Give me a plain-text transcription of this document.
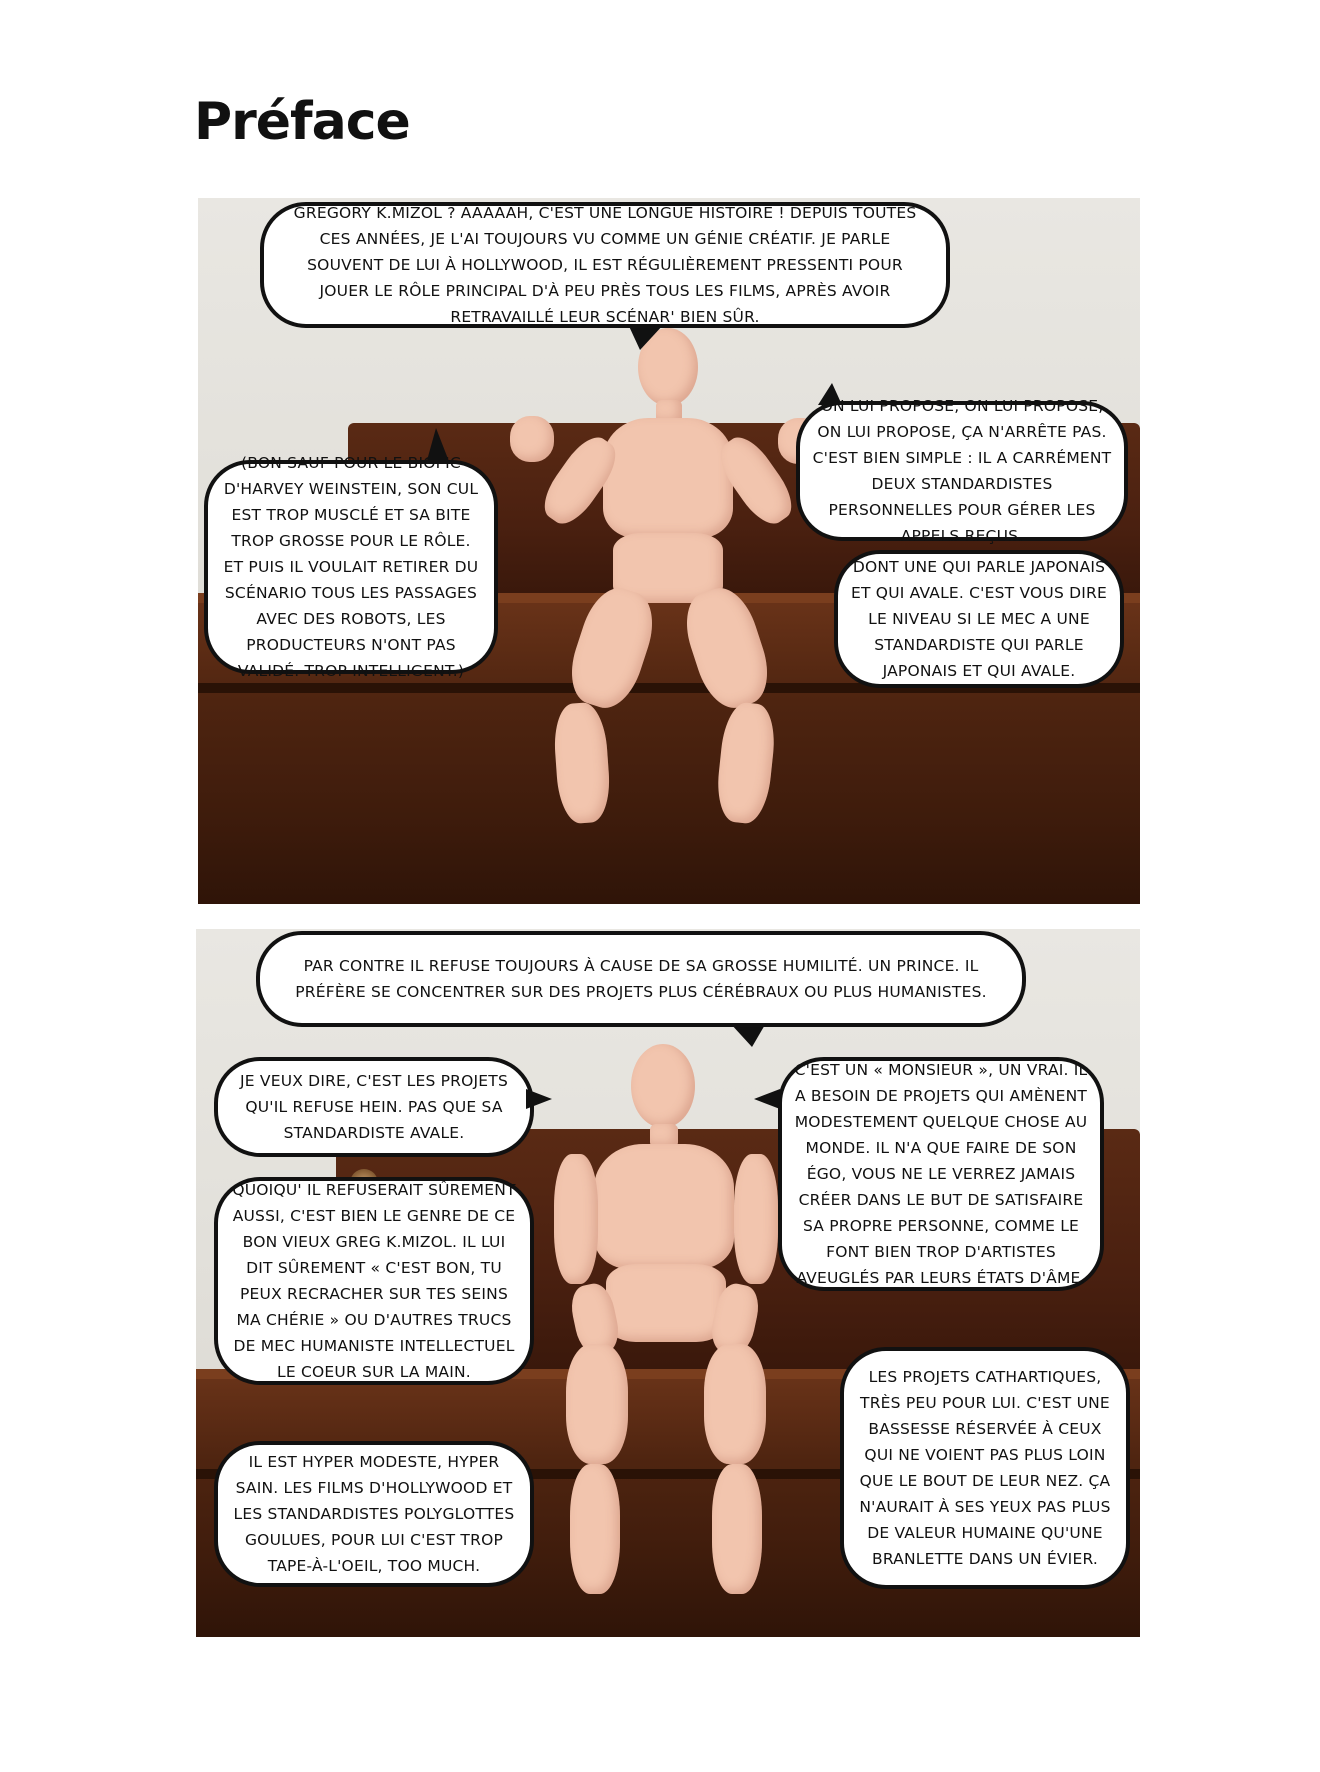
Préface
GRÉGORY K.MIZOL ? AAAAAH, C'EST UNE LONGUE HISTOIRE ! DEPUIS TOUTES CES ANNÉES, JE L'AI TOUJOURS VU COMME UN GÉNIE CRÉATIF. JE PARLE SOUVENT DE LUI À HOLLYWOOD, IL EST RÉGULIÈREMENT PRESSENTI POUR JOUER LE RÔLE PRINCIPAL D'À PEU PRÈS TOUS LES FILMS, APRÈS AVOIR RETRAVAILLÉ LEUR SCÉNAR' BIEN SÛR.
(BON SAUF POUR LE BIOPIC D'HARVEY WEINSTEIN, SON CUL EST TROP MUSCLÉ ET SA BITE TROP GROSSE POUR LE RÔLE. ET PUIS IL VOULAIT RETIRER DU SCÉNARIO TOUS LES PASSAGES AVEC DES ROBOTS, LES PRODUCTEURS N'ONT PAS VALIDÉ. TROP INTELLIGENT.)
ON LUI PROPOSE, ON LUI PROPOSE, ON LUI PROPOSE, ÇA N'ARRÊTE PAS. C'EST BIEN SIMPLE : IL A CARRÉMENT DEUX STANDARDISTES PERSONNELLES POUR GÉRER LES APPELS REÇUS.
DONT UNE QUI PARLE JAPONAIS ET QUI AVALE. C'EST VOUS DIRE LE NIVEAU SI LE MEC A UNE STANDARDISTE QUI PARLE JAPONAIS ET QUI AVALE.
PAR CONTRE IL REFUSE TOUJOURS À CAUSE DE SA GROSSE HUMILITÉ. UN PRINCE. IL PRÉFÈRE SE CONCENTRER SUR DES PROJETS PLUS CÉRÉBRAUX OU PLUS HUMANISTES.
JE VEUX DIRE, C'EST LES PROJETS QU'IL REFUSE HEIN. PAS QUE SA STANDARDISTE AVALE.
QUOIQU' IL REFUSERAIT SÛREMENT AUSSI, C'EST BIEN LE GENRE DE CE BON VIEUX GREG K.MIZOL. IL LUI DIT SÛREMENT « C'EST BON, TU PEUX RECRACHER SUR TES SEINS MA CHÉRIE » OU D'AUTRES TRUCS DE MEC HUMANISTE INTELLECTUEL LE COEUR SUR LA MAIN.
IL EST HYPER MODESTE, HYPER SAIN. LES FILMS D'HOLLYWOOD ET LES STANDARDISTES POLYGLOTTES GOULUES, POUR LUI C'EST TROP TAPE-À-L'OEIL, TOO MUCH.
C'EST UN « MONSIEUR », UN VRAI. IL A BESOIN DE PROJETS QUI AMÈNENT MODESTEMENT QUELQUE CHOSE AU MONDE. IL N'A QUE FAIRE DE SON ÉGO, VOUS NE LE VERREZ JAMAIS CRÉER DANS LE BUT DE SATISFAIRE SA PROPRE PERSONNE, COMME LE FONT BIEN TROP D'ARTISTES AVEUGLÉS PAR LEURS ÉTATS D'ÂME.
LES PROJETS CATHARTIQUES, TRÈS PEU POUR LUI. C'EST UNE BASSESSE RÉSERVÉE À CEUX QUI NE VOIENT PAS PLUS LOIN QUE LE BOUT DE LEUR NEZ. ÇA N'AURAIT À SES YEUX PAS PLUS DE VALEUR HUMAINE QU'UNE BRANLETTE DANS UN ÉVIER.
